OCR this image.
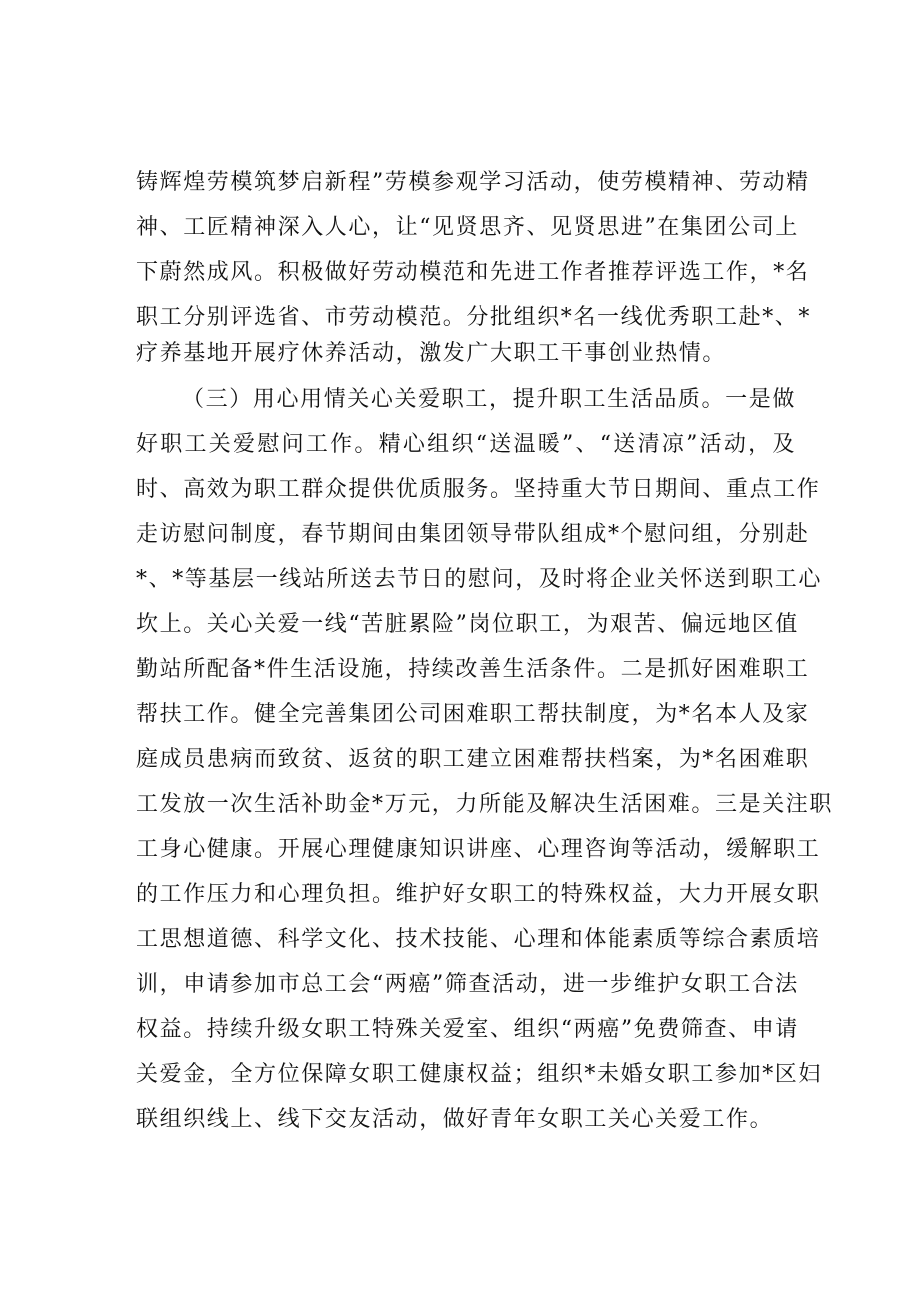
铸辉煌劳模筑梦启新程”劳模参观学习活动，使劳模精神、劳动精
神、工匠精神深入人心，让“见贤思齐、见贤思进”在集团公司上
下蔚然成风。积极做好劳动模范和先进工作者推荐评选工作，*名
职工分别评选省、市劳动模范。分批组织*名一线优秀职工赴*、*
疗养基地开展疗休养活动，激发广大职工干事创业热情。
（三）用心用情关心关爱职工，提升职工生活品质。一是做
好职工关爱慰问工作。精心组织“送温暖”、“送清凉”活动，及
时、高效为职工群众提供优质服务。坚持重大节日期间、重点工作
走访慰问制度，春节期间由集团领导带队组成*个慰问组，分别赴
*、*等基层一线站所送去节日的慰问，及时将企业关怀送到职工心
坎上。关心关爱一线“苦脏累险”岗位职工，为艰苦、偏远地区值
勤站所配备*件生活设施，持续改善生活条件。二是抓好困难职工
帮扶工作。健全完善集团公司困难职工帮扶制度，为*名本人及家
庭成员患病而致贫、返贫的职工建立困难帮扶档案，为*名困难职
工发放一次生活补助金*万元，力所能及解决生活困难。三是关注职
工身心健康。开展心理健康知识讲座、心理咨询等活动，缓解职工
的工作压力和心理负担。维护好女职工的特殊权益，大力开展女职
工思想道德、科学文化、技术技能、心理和体能素质等综合素质培
训，申请参加市总工会“两癌”筛查活动，进一步维护女职工合法
权益。持续升级女职工特殊关爱室、组织“两癌”免费筛查、申请
关爱金，全方位保障女职工健康权益；组织*未婚女职工参加*区妇
联组织线上、线下交友活动，做好青年女职工关心关爱工作。
